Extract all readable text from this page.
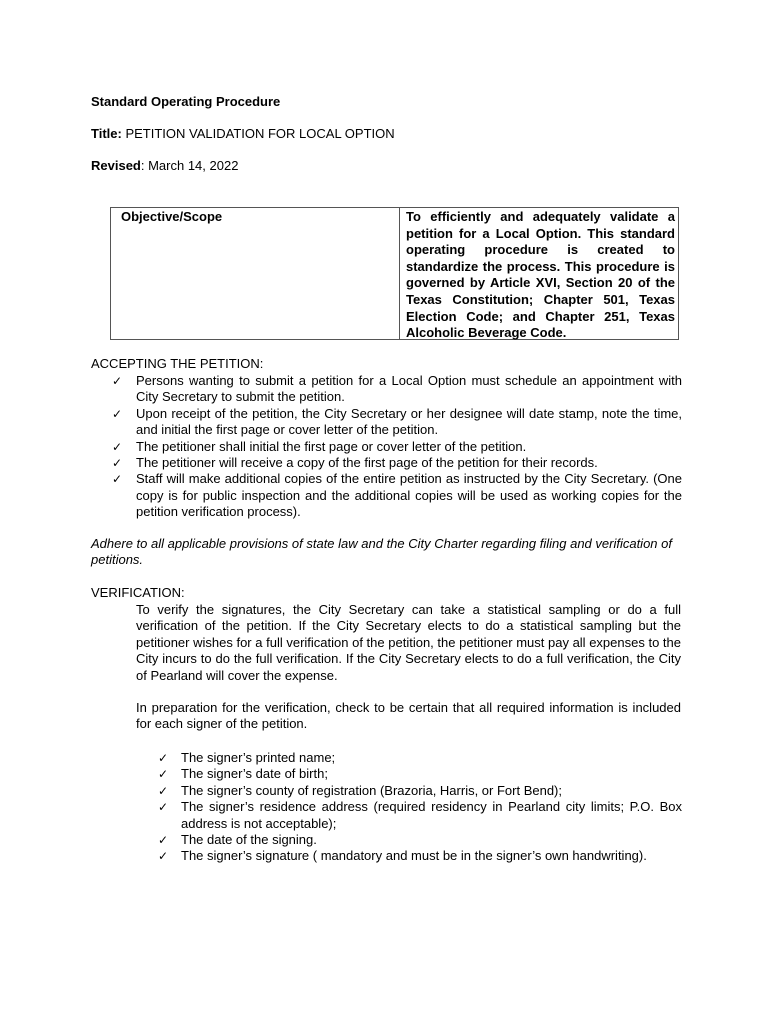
Standard Operating Procedure
Title: PETITION VALIDATION FOR LOCAL OPTION
Revised: March 14, 2022
Objective/Scope	To efficiently and adequately validate a petition for a Local Option. This standard operating procedure is created to standardize the process. This procedure is governed by Article XVI, Section 20 of the Texas Constitution; Chapter 501, Texas Election Code; and Chapter 251, Texas Alcoholic Beverage Code.
ACCEPTING THE PETITION:
✓ Persons wanting to submit a petition for a Local Option must schedule an appointment with City Secretary to submit the petition.
✓ Upon receipt of the petition, the City Secretary or her designee will date stamp, note the time, and initial the first page or cover letter of the petition.
✓ The petitioner shall initial the first page or cover letter of the petition.
✓ The petitioner will receive a copy of the first page of the petition for their records.
✓ Staff will make additional copies of the entire petition as instructed by the City Secretary. (One copy is for public inspection and the additional copies will be used as working copies for the petition verification process).
Adhere to all applicable provisions of state law and the City Charter regarding filing and verification of petitions.
VERIFICATION:
To verify the signatures, the City Secretary can take a statistical sampling or do a full verification of the petition. If the City Secretary elects to do a statistical sampling but the petitioner wishes for a full verification of the petition, the petitioner must pay all expenses to the City incurs to do the full verification. If the City Secretary elects to do a full verification, the City of Pearland will cover the expense.
In preparation for the verification, check to be certain that all required information is included for each signer of the petition.
✓ The signer’s printed name;
✓ The signer’s date of birth;
✓ The signer’s county of registration (Brazoria, Harris, or Fort Bend);
✓ The signer’s residence address (required residency in Pearland city limits; P.O. Box address is not acceptable);
✓ The date of the signing.
✓ The signer’s signature ( mandatory and must be in the signer’s own handwriting).
